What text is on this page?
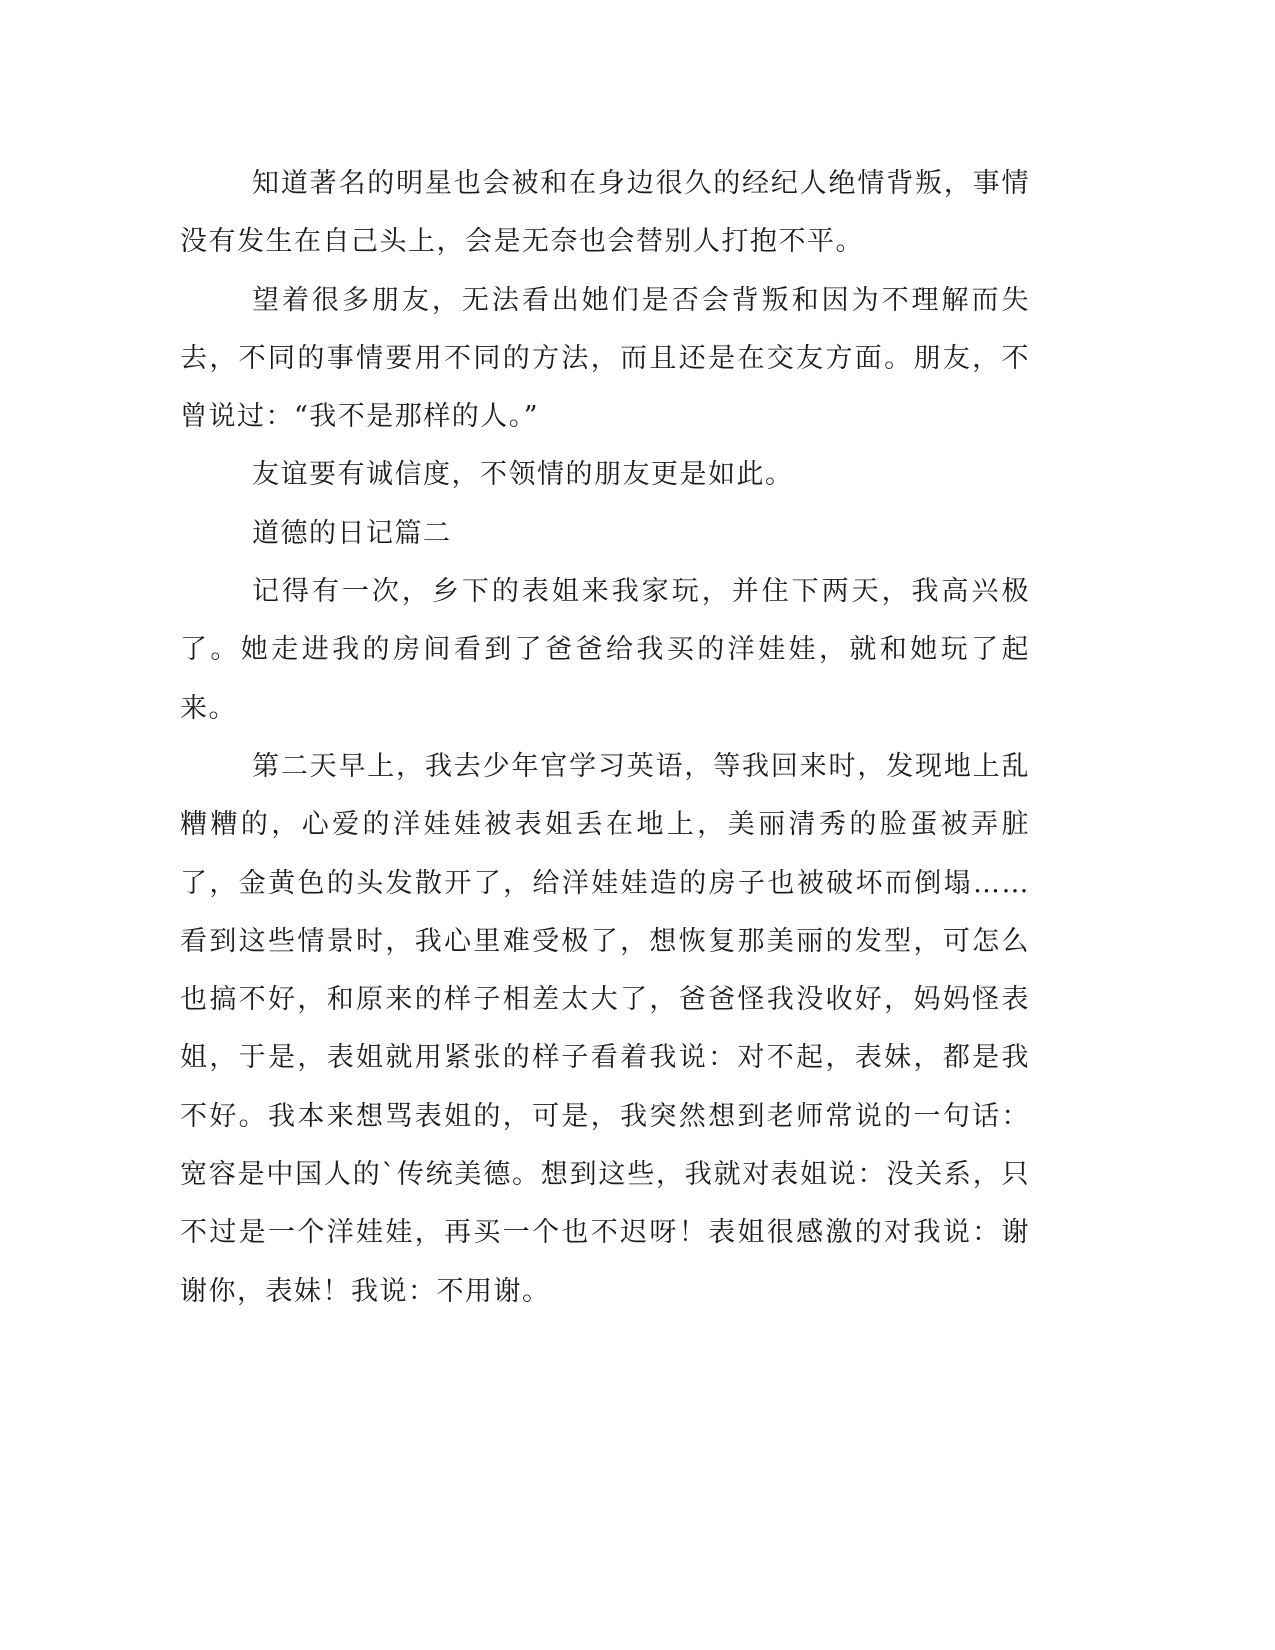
知道著名的明星也会被和在身边很久的经纪人绝情背叛，事情没有发生在自己头上，会是无奈也会替别人打抱不平。

望着很多朋友，无法看出她们是否会背叛和因为不理解而失去，不同的事情要用不同的方法，而且还是在交友方面。朋友，不曾说过：“我不是那样的人。”

友谊要有诚信度，不领情的朋友更是如此。

道德的日记篇二

记得有一次，乡下的表姐来我家玩，并住下两天，我高兴极了。她走进我的房间看到了爸爸给我买的洋娃娃，就和她玩了起来。

第二天早上，我去少年官学习英语，等我回来时，发现地上乱糟糟的，心爱的洋娃娃被表姐丢在地上，美丽清秀的脸蛋被弄脏了，金黄色的头发散开了，给洋娃娃造的房子也被破坏而倒塌……看到这些情景时，我心里难受极了，想恢复那美丽的发型，可怎么也搞不好，和原来的样子相差太大了，爸爸怪我没收好，妈妈怪表姐，于是，表姐就用紧张的样子看着我说：对不起，表妹，都是我不好。我本来想骂表姐的，可是，我突然想到老师常说的一句话：宽容是中国人的`传统美德。想到这些，我就对表姐说：没关系，只不过是一个洋娃娃，再买一个也不迟呀！表姐很感激的对我说：谢谢你，表妹！我说：不用谢。
